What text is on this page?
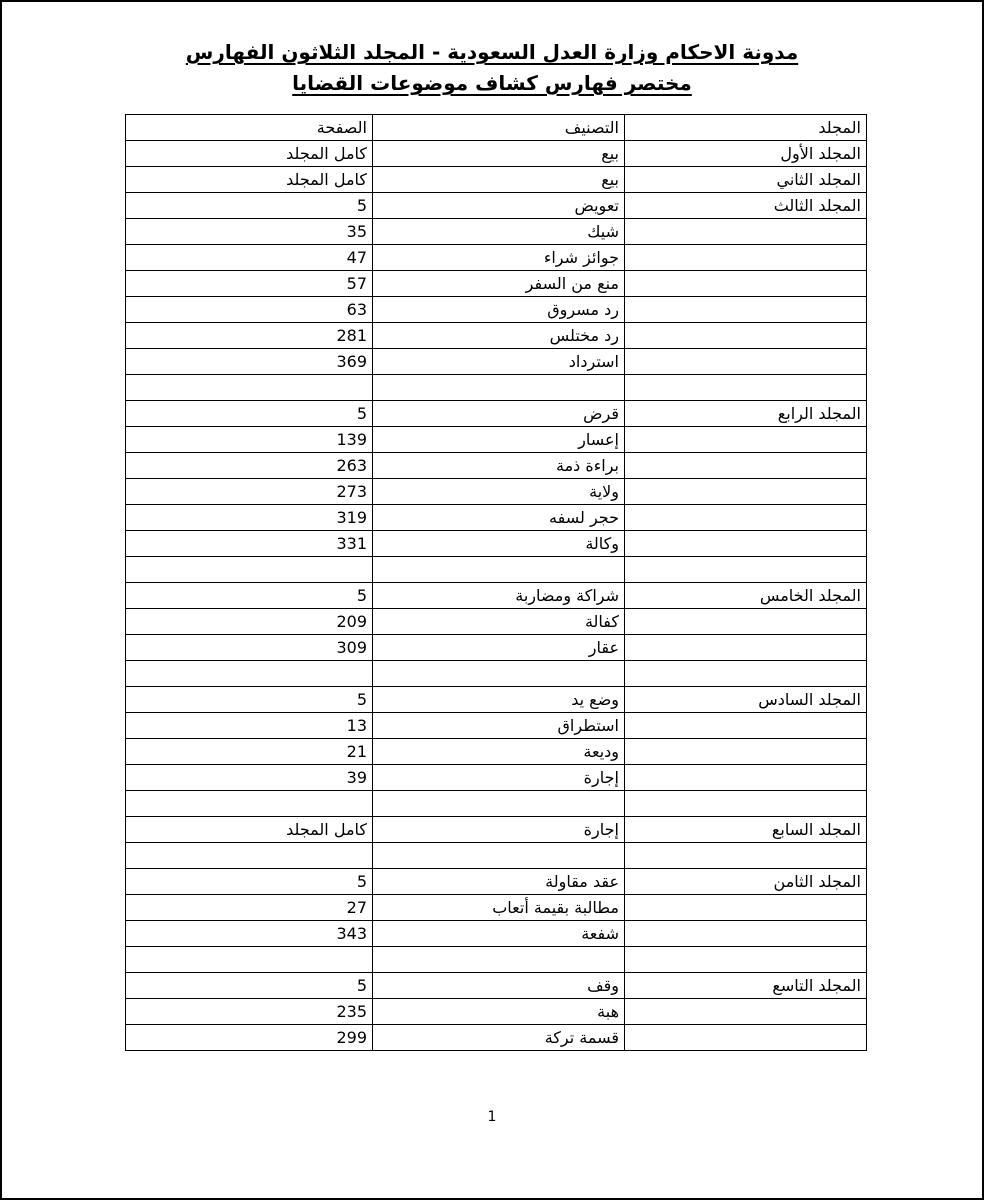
مدونة الاحكام وزارة العدل السعودية - المجلد الثلاثون الفهارس
مختصر فهارس كشاف موضوعات القضايا
المجلد	التصنيف	الصفحة
المجلد الأول	بيع	كامل المجلد
المجلد الثاني	بيع	كامل المجلد
المجلد الثالث	تعويض	5
	شيك	35
	جوائز شراء	47
	منع من السفر	57
	رد مسروق	63
	رد مختلس	281
	استرداد	369

المجلد الرابع	قرض	5
	إعسار	139
	براءة ذمة	263
	ولاية	273
	حجر لسفه	319
	وكالة	331

المجلد الخامس	شراكة ومضاربة	5
	كفالة	209
	عقار	309

المجلد السادس	وضع يد	5
	استطراق	13
	وديعة	21
	إجارة	39

المجلد السابع	إجارة	كامل المجلد

المجلد الثامن	عقد مقاولة	5
	مطالبة بقيمة أتعاب	27
	شفعة	343

المجلد التاسع	وقف	5
	هبة	235
	قسمة تركة	299
1
